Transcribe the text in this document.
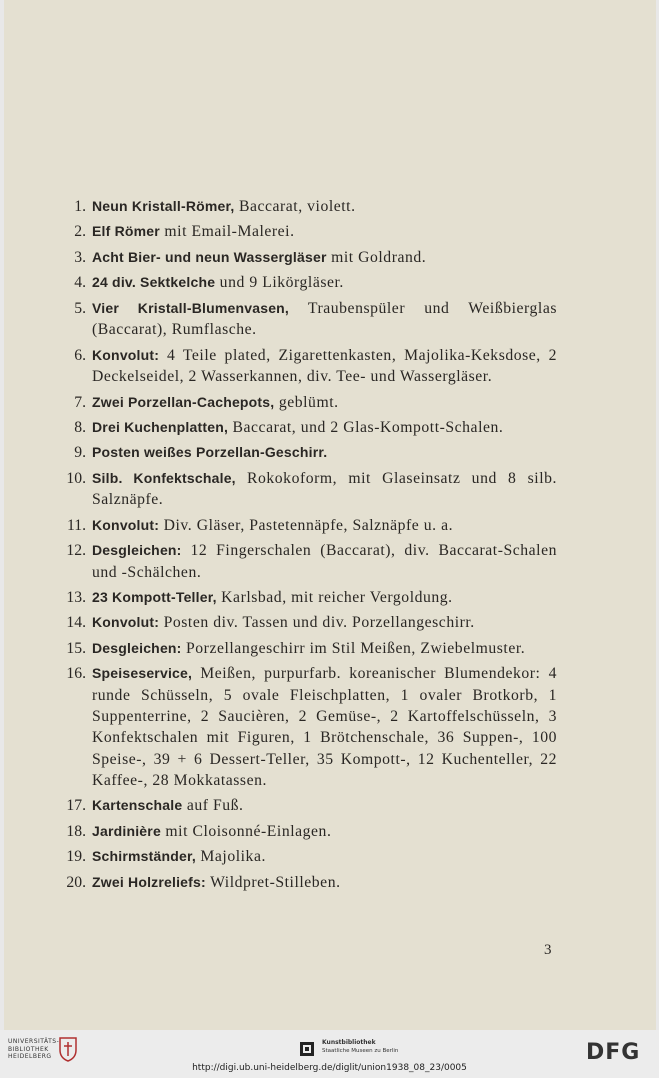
1. Neun Kristall-Römer, Baccarat, violett.
2. Elf Römer mit Email-Malerei.
3. Acht Bier- und neun Wassergläser mit Goldrand.
4. 24 div. Sektkelche und 9 Likörgläser.
5. Vier Kristall-Blumenvasen, Traubenspüler und Weißbierglas (Baccarat), Rumflasche.
6. Konvolut: 4 Teile plated, Zigarettenkasten, Majolika-Keksdose, 2 Deckelseidel, 2 Wasserkannen, div. Tee- und Wassergläser.
7. Zwei Porzellan-Cachepots, geblümt.
8. Drei Kuchenplatten, Baccarat, und 2 Glas-Kompott-Schalen.
9. Posten weißes Porzellan-Geschirr.
10. Silb. Konfektschale, Rokokoform, mit Glaseinsatz und 8 silb. Salznäpfe.
11. Konvolut: Div. Gläser, Pastetennäpfe, Salznäpfe u. a.
12. Desgleichen: 12 Fingerschalen (Baccarat), div. Baccarat-Schalen und -Schälchen.
13. 23 Kompott-Teller, Karlsbad, mit reicher Vergoldung.
14. Konvolut: Posten div. Tassen und div. Porzellangeschirr.
15. Desgleichen: Porzellangeschirr im Stil Meißen, Zwiebelmuster.
16. Speiseservice, Meißen, purpurfarb. koreanischer Blumendekor: 4 runde Schüsseln, 5 ovale Fleischplatten, 1 ovaler Brotkorb, 1 Suppenterrine, 2 Saucièren, 2 Gemüse-, 2 Kartoffelschüsseln, 3 Konfektschalen mit Figuren, 1 Brötchenschale, 36 Suppen-, 100 Speise-, 39 + 6 Dessert-Teller, 35 Kompott-, 12 Kuchenteller, 22 Kaffee-, 28 Mokkatassen.
17. Kartenschale auf Fuß.
18. Jardinière mit Cloisonné-Einlagen.
19. Schirmständer, Majolika.
20. Zwei Holzreliefs: Wildpret-Stilleben.
3
UNIVERSITÄTS-
BIBLIOTHEK
HEIDELBERG
Kunstbibliothek
Staatliche Museen zu Berlin	DFG
http://digi.ub.uni-heidelberg.de/diglit/union1938_08_23/0005
